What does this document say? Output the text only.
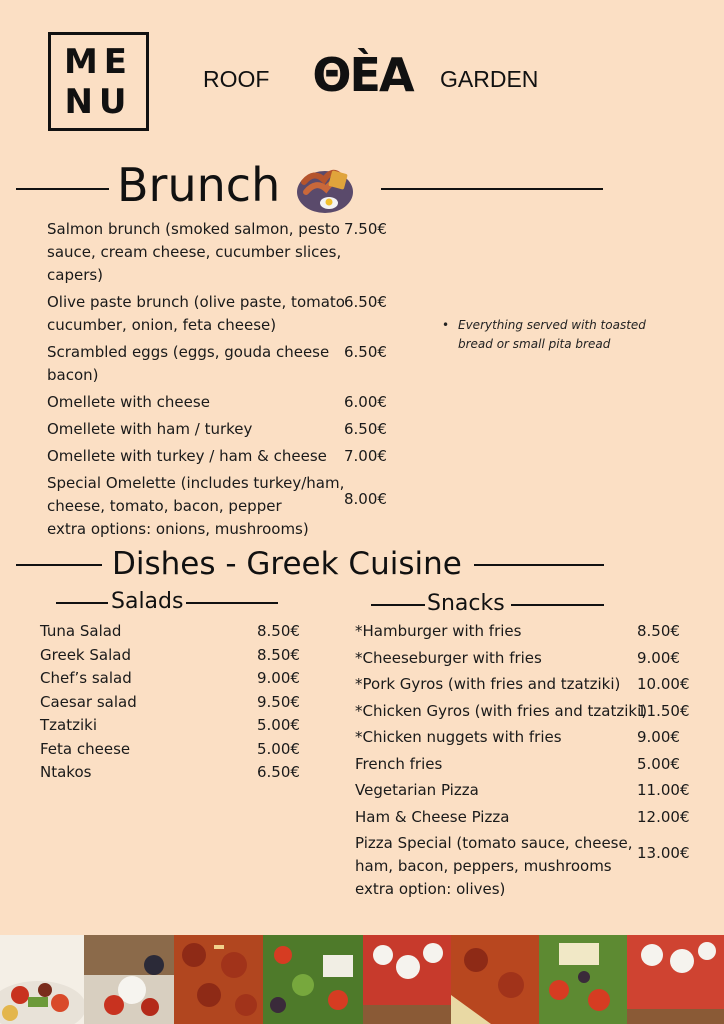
ME
NU
ROOF ΘÈA	GARDEN
Brunch
Salmon brunch (smoked salmon, pesto
sauce, cream cheese, cucumber slices,
capers)
7.50€
Olive paste brunch (olive paste, tomato
cucumber, onion, feta cheese)
6.50€
Scrambled eggs (eggs, gouda cheese
bacon)
6.50€
Omellete with cheese	6.00€
Omellete with ham / turkey	6.50€
Omellete with turkey / ham & cheese 7.00€
Special Omelette (includes turkey/ham,
cheese, tomato, bacon, pepper
extra options: onions, mushrooms)
8.00€
• Everything served with toasted bread or small pita bread
Dishes - Greek Cuisine
Salads	Snacks
Tuna Salad	8.50€
Greek Salad	8.50€
Chef’s salad	9.00€
Caesar salad	9.50€
Tzatziki	5.00€
Feta cheese	5.00€
Ntakos	6.50€
*Hamburger with fries	8.50€
*Cheeseburger with fries	9.00€
*Pork Gyros (with fries and tzatziki) 10.00€
*Chicken Gyros (with fries and tzatziki)
11.50€
*Chicken nuggets with fries	9.00€
French fries	5.00€
Vegetarian Pizza	11.00€
Ham & Cheese Pizza	12.00€
Pizza Special (tomato sauce, cheese,
ham, bacon, peppers, mushrooms
extra option: olives)
13.00€
